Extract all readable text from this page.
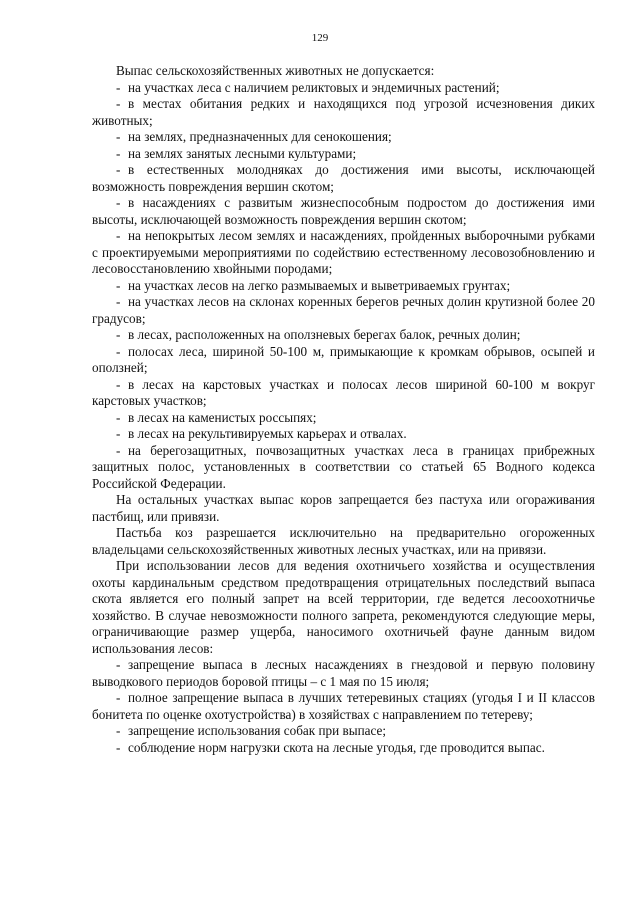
129

Выпас сельскохозяйственных животных не допускается:

- на участках леса с наличием реликтовых и эндемичных растений;

- в местах обитания редких и находящихся под угрозой исчезновения диких животных;

- на землях, предназначенных для сенокошения;

- на землях занятых лесными культурами;

- в естественных молодняках до достижения ими высоты, исключающей возможность повреждения вершин скотом;

- в насаждениях с развитым жизнеспособным подростом до достижения ими высоты, исключающей возможность повреждения вершин скотом;

- на непокрытых лесом землях и насаждениях, пройденных выборочными рубками с проектируемыми мероприятиями по содействию естественному лесовозобновлению и лесовосстановлению хвойными породами;

- на участках лесов на легко размываемых и выветриваемых грунтах;

- на участках лесов на склонах коренных берегов речных долин крутизной более 20 градусов;

- в лесах, расположенных на оползневых берегах балок, речных долин;

- полосах леса, шириной 50-100 м, примыкающие к кромкам обрывов, осыпей и оползней;

- в лесах на карстовых участках и полосах лесов шириной 60-100 м вокруг карстовых участков;

- в лесах на каменистых россыпях;

- в лесах на рекультивируемых карьерах и отвалах.

- на берегозащитных, почвозащитных участках леса в границах прибрежных защитных полос, установленных в соответствии со статьей 65 Водного кодекса Российской Федерации.

На остальных участках выпас коров запрещается без пастуха или огораживания пастбищ, или привязи.

Пастьба коз разрешается исключительно на предварительно огороженных владельцами сельскохозяйственных животных лесных участках, или на привязи.

При использовании лесов для ведения охотничьего хозяйства и осуществления охоты кардинальным средством предотвращения отрицательных последствий выпаса скота является его полный запрет на всей территории, где ведется лесоохотничье хозяйство. В случае невозможности полного запрета, рекомендуются следующие меры, ограничивающие размер ущерба, наносимого охотничьей фауне данным видом использования лесов:

- запрещение выпаса в лесных насаждениях в гнездовой и первую половину выводкового периодов боровой птицы – с 1 мая по 15 июля;

- полное запрещение выпаса в лучших тетеревиных стациях (угодья I и II классов бонитета по оценке охотустройства) в хозяйствах с направлением по тетереву;

- запрещение использования собак при выпасе;

- соблюдение норм нагрузки скота на лесные угодья, где проводится выпас.
